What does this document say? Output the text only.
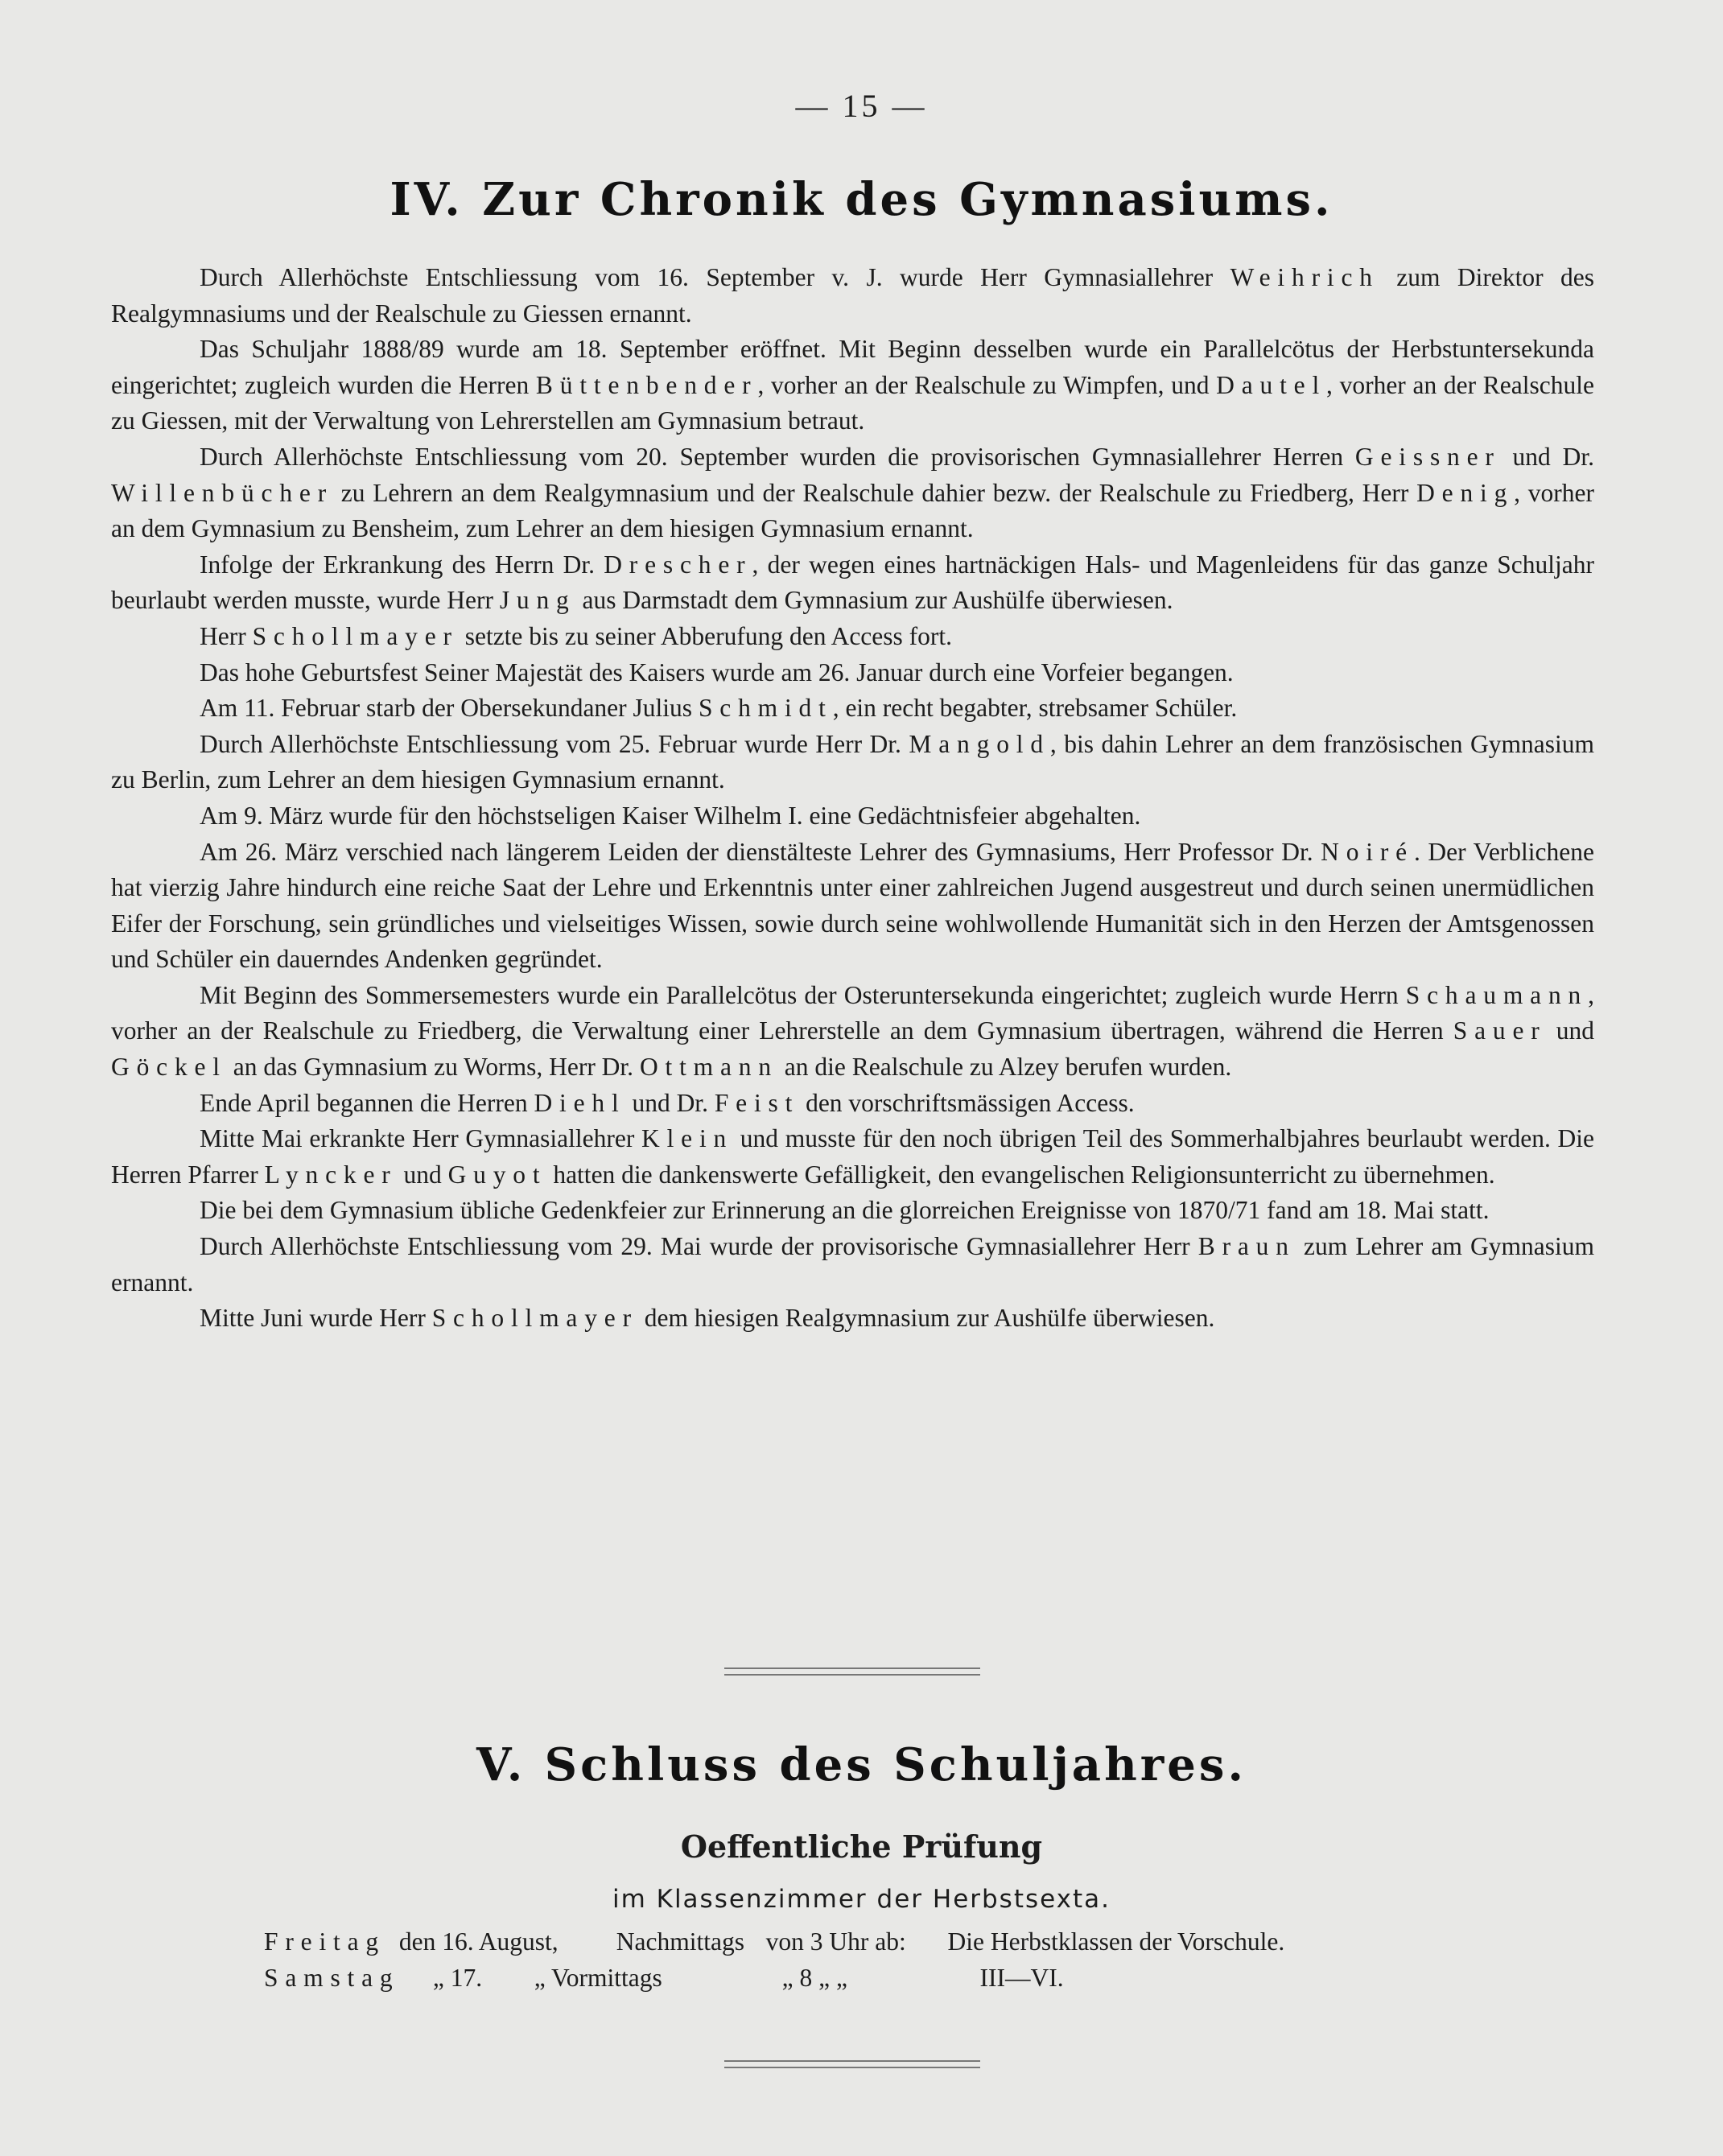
— 15 —
IV. Zur Chronik des Gymnasiums.

Durch Allerhöchste Entschliessung vom 16. September v. J. wurde Herr Gymnasiallehrer Weihrich zum Direktor des Realgymnasiums und der Realschule zu Giessen ernannt.

Das Schuljahr 1888/89 wurde am 18. September eröffnet. Mit Beginn desselben wurde ein Parallelcötus der Herbstuntersekunda eingerichtet; zugleich wurden die Herren Büttenbender, vorher an der Realschule zu Wimpfen, und Dautel, vorher an der Realschule zu Giessen, mit der Verwaltung von Lehrerstellen am Gymnasium betraut.

Durch Allerhöchste Entschliessung vom 20. September wurden die provisorischen Gymnasiallehrer Herren Geissner und Dr. Willenbücher zu Lehrern an dem Realgymnasium und der Realschule dahier bezw. der Realschule zu Friedberg, Herr Denig, vorher an dem Gymnasium zu Bensheim, zum Lehrer an dem hiesigen Gymnasium ernannt.

Infolge der Erkrankung des Herrn Dr. Drescher, der wegen eines hartnäckigen Hals- und Magenleidens für das ganze Schuljahr beurlaubt werden musste, wurde Herr Jung aus Darmstadt dem Gymnasium zur Aushülfe überwiesen.

Herr Schollmayer setzte bis zu seiner Abberufung den Access fort.

Das hohe Geburtsfest Seiner Majestät des Kaisers wurde am 26. Januar durch eine Vorfeier begangen.

Am 11. Februar starb der Obersekundaner Julius Schmidt, ein recht begabter, strebsamer Schüler.

Durch Allerhöchste Entschliessung vom 25. Februar wurde Herr Dr. Mangold, bis dahin Lehrer an dem französischen Gymnasium zu Berlin, zum Lehrer an dem hiesigen Gymnasium ernannt.

Am 9. März wurde für den höchstseligen Kaiser Wilhelm I. eine Gedächtnisfeier abgehalten.

Am 26. März verschied nach längerem Leiden der dienstälteste Lehrer des Gymnasiums, Herr Professor Dr. Noiré. Der Verblichene hat vierzig Jahre hindurch eine reiche Saat der Lehre und Erkenntnis unter einer zahlreichen Jugend ausgestreut und durch seinen unermüdlichen Eifer der Forschung, sein gründliches und vielseitiges Wissen, sowie durch seine wohlwollende Humanität sich in den Herzen der Amtsgenossen und Schüler ein dauerndes Andenken gegründet.

Mit Beginn des Sommersemesters wurde ein Parallelcötus der Osteruntersekunda eingerichtet; zugleich wurde Herrn Schaumann, vorher an der Realschule zu Friedberg, die Verwaltung einer Lehrerstelle an dem Gymnasium übertragen, während die Herren Sauer und Göckel an das Gymnasium zu Worms, Herr Dr. Ottmann an die Realschule zu Alzey berufen wurden.

Ende April begannen die Herren Diehl und Dr. Feist den vorschriftsmässigen Access.

Mitte Mai erkrankte Herr Gymnasiallehrer Klein und musste für den noch übrigen Teil des Sommerhalbjahres beurlaubt werden. Die Herren Pfarrer Lyncker und Guyot hatten die dankenswerte Gefälligkeit, den evangelischen Religionsunterricht zu übernehmen.

Die bei dem Gymnasium übliche Gedenkfeier zur Erinnerung an die glorreichen Ereignisse von 1870/71 fand am 18. Mai statt.

Durch Allerhöchste Entschliessung vom 29. Mai wurde der provisorische Gymnasiallehrer Herr Braun zum Lehrer am Gymnasium ernannt.

Mitte Juni wurde Herr Schollmayer dem hiesigen Realgymnasium zur Aushülfe überwiesen.

V. Schluss des Schuljahres.
Oeffentliche Prüfung
im Klassenzimmer der Herbstsexta.
Freitag den 16. August, Nachmittags von 3 Uhr ab: Die Herbstklassen der Vorschule.
Samstag „ 17. „ Vormittags	„ 8 „ „	III—VI.
